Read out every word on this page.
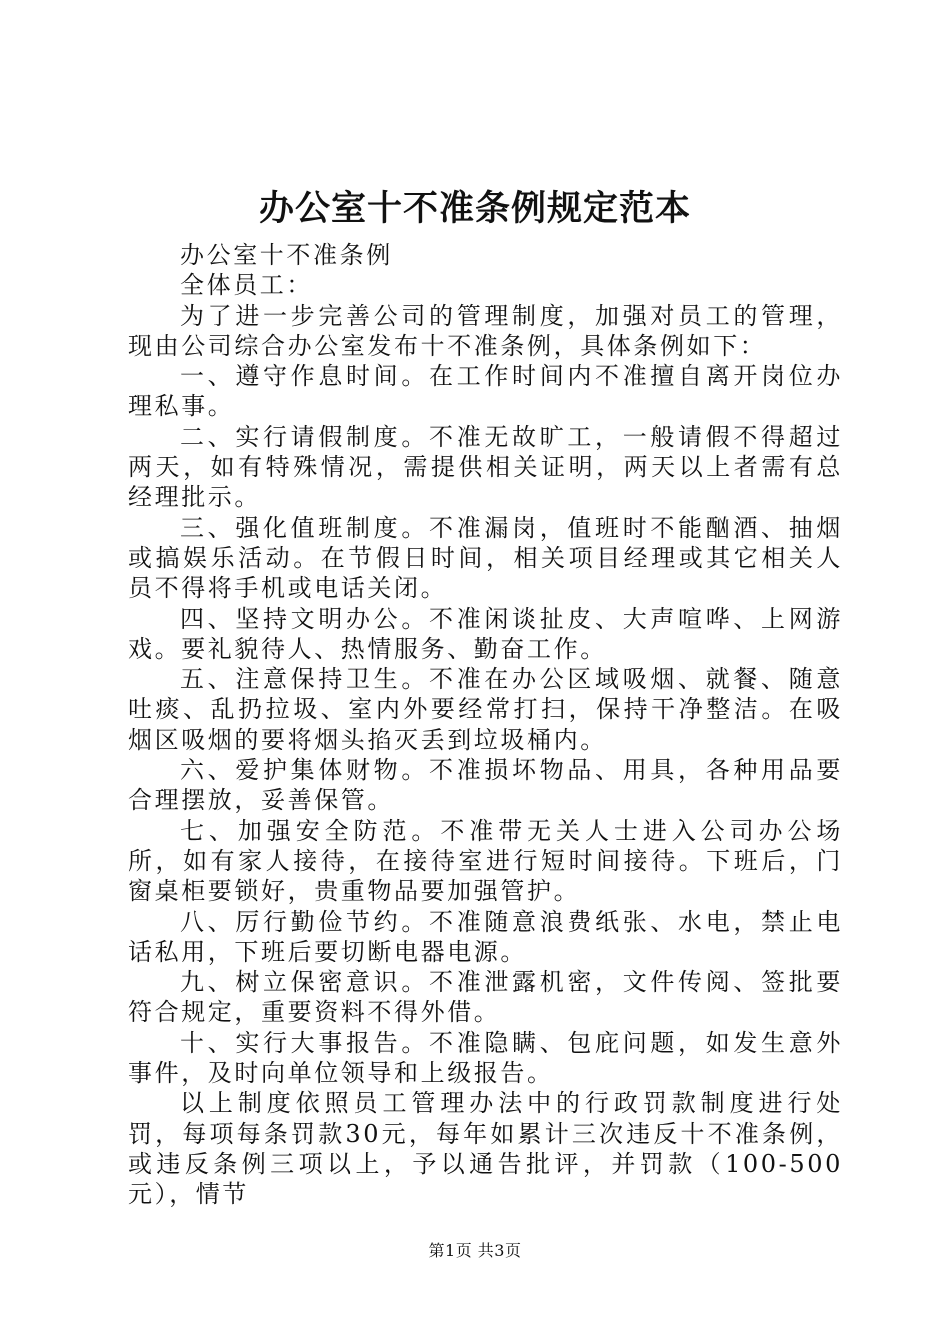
办公室十不准条例规定范本

办公室十不准条例

全体员工：

为了进一步完善公司的管理制度，加强对员工的管理，现由公司综合办公室发布十不准条例，具体条例如下：

一、遵守作息时间。在工作时间内不准擅自离开岗位办理私事。

二、实行请假制度。不准无故旷工，一般请假不得超过两天，如有特殊情况，需提供相关证明，两天以上者需有总经理批示。

三、强化值班制度。不准漏岗，值班时不能酗酒、抽烟或搞娱乐活动。在节假日时间，相关项目经理或其它相关人员不得将手机或电话关闭。

四、坚持文明办公。不准闲谈扯皮、大声喧哗、上网游戏。要礼貌待人、热情服务、勤奋工作。

五、注意保持卫生。不准在办公区域吸烟、就餐、随意吐痰、乱扔拉圾、室内外要经常打扫，保持干净整洁。在吸烟区吸烟的要将烟头掐灭丢到垃圾桶内。

六、爱护集体财物。不准损坏物品、用具，各种用品要合理摆放，妥善保管。

七、加强安全防范。不准带无关人士进入公司办公场所，如有家人接待，在接待室进行短时间接待。下班后，门窗桌柜要锁好，贵重物品要加强管护。

八、厉行勤俭节约。不准随意浪费纸张、水电，禁止电话私用，下班后要切断电器电源。

九、树立保密意识。不准泄露机密，文件传阅、签批要符合规定，重要资料不得外借。

十、实行大事报告。不准隐瞒、包庇问题，如发生意外事件，及时向单位领导和上级报告。

以上制度依照员工管理办法中的行政罚款制度进行处罚，每项每条罚款30元，每年如累计三次违反十不准条例，或违反条例三项以上，予以通告批评，并罚款（100-500元），情节

第1页 共3页
